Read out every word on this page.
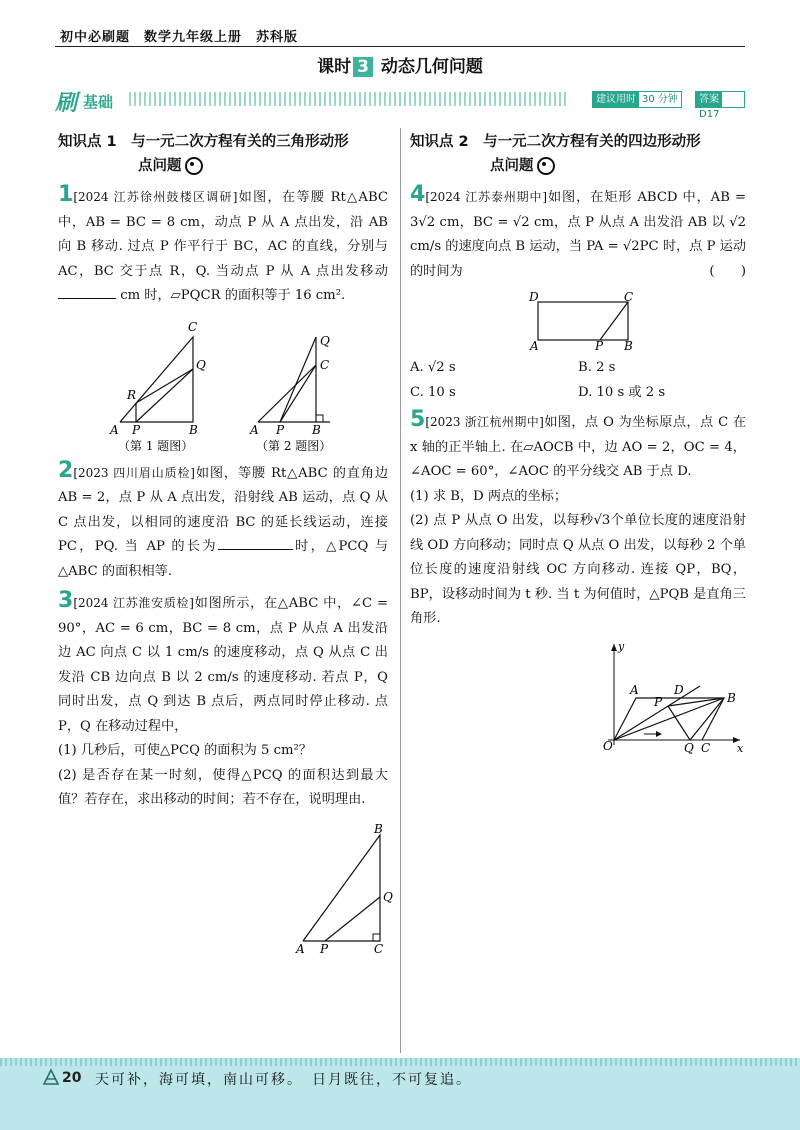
初中必刷题　数学九年级上册　苏科版
课时 3 动态几何问题
刷 基础	建议用时 30 分钟	答案D17
知识点 1　与一元二次方程有关的三角形动形
点问题

1[2024 江苏徐州鼓楼区调研]如图，在等腰 Rt△ABC 中，AB = BC = 8 cm，动点 P 从 A 点出发，沿 AB 向 B 移动. 过点 P 作平行于 BC，AC 的直线，分别与 AC，BC 交于点 R，Q. 当动点 P 从 A 点出发移动 cm 时，▱PQCR 的面积等于 16 cm².

A P	B
C
Q
R
A P B
Q
C
（第 1 题图）	（第 2 题图）

2[2023 四川眉山质检]如图，等腰 Rt△ABC 的直角边 AB = 2，点 P 从 A 点出发，沿射线 AB 运动，点 Q 从 C 点出发，以相同的速度沿 BC 的延长线运动，连接 PC，PQ. 当 AP 的长为	时，△PCQ 与△ABC 的面积相等.

3[2024 江苏淮安质检]如图所示，在△ABC 中，∠C = 90°，AC = 6 cm，BC = 8 cm，点 P 从点 A 出发沿边 AC 向点 C 以 1 cm/s 的速度移动，点 Q 从点 C 出发沿 CB 边向点 B 以 2 cm/s 的速度移动. 若点 P，Q 同时出发，点 Q 到达 B 点后，两点同时停止移动. 点 P，Q 在移动过程中，

(1) 几秒后，可使△PCQ 的面积为 5 cm²？

(2) 是否存在某一时刻，使得△PCQ 的面积达到最大值？若存在，求出移动的时间；若不存在，说明理由.

A P	C
B
Q
知识点 2　与一元二次方程有关的四边形动形
点问题

4[2024 江苏泰州期中]如图，在矩形 ABCD 中，AB = 3√2 cm，BC = √2 cm，点 P 从点 A 出发沿 AB 以 √2 cm/s 的速度向点 B 运动，当 PA = √2PC 时，点 P 运动的时间为	(　　)

D	C
A	P B
A. √2 s	B. 2 s
C. 10 s	D. 10 s 或 2 s

5[2023 浙江杭州期中]如图，点 O 为坐标原点，点 C 在 x 轴的正半轴上. 在▱AOCB 中，边 AO = 2，OC = 4，∠AOC = 60°，∠AOC 的平分线交 AB 于点 D.

(1) 求 B，D 两点的坐标；

(2) 点 P 从点 O 出发，以每秒√3个单位长度的速度沿射线 OD 方向移动；同时点 Q 从点 O 出发，以每秒 2 个单位长度的速度沿射线 OC 方向移动. 连接 QP，BQ，BP，设移动时间为 t 秒. 当 t 为何值时，△PQB 是直角三角形.

y
x
O
A	D
P	B
Q C
20 天可补，海可填，南山可移。　日月既往，不可复追。
